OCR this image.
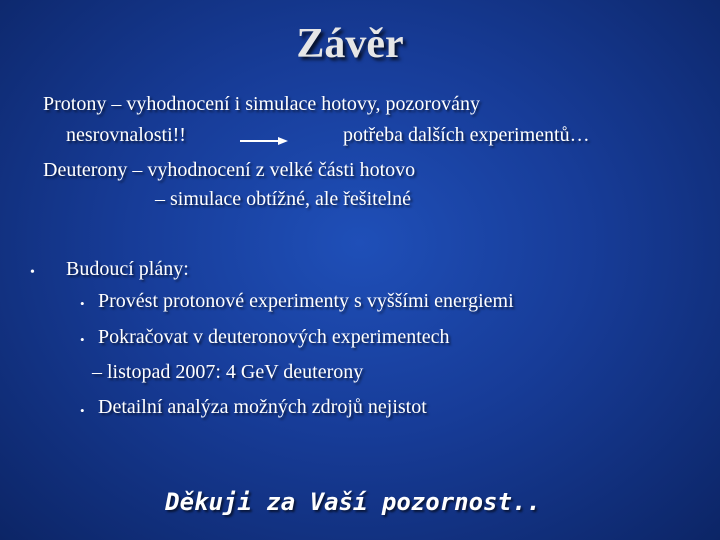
Závěr
Protony – vyhodnocení i simulace hotovy, pozorovány
nesrovnalosti!!	potřeba dalších experimentů…
Deuterony – vyhodnocení z velké části hotovo
– simulace obtížné, ale řešitelné
• Budoucí plány:
• Provést protonové experimenty s vyššími energiemi
• Pokračovat v deuteronových experimentech
– listopad 2007: 4 GeV deuterony
• Detailní analýza možných zdrojů nejistot
Děkuji za Vaší pozornost..
